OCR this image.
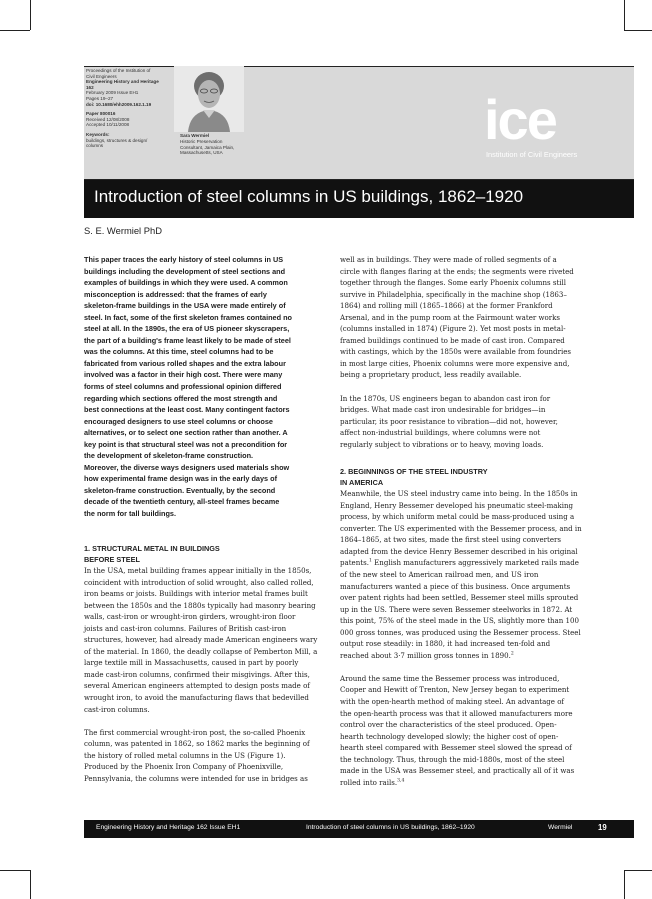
Proceedings of the Institution of
Civil Engineers
Engineering History and Heritage
162
February 2009 Issue EH1
Pages 19–27
doi: 10.1680/ehh2009.162.1.19
Paper 800016
Received 12/08/2008
Accepted 10/11/2008
Keywords:
buildings, structures & design/
columns
Sara Wermiel
Historic Preservation
Consultant, Jamaica Plain,
Massachusetts, USA
ice
Institution of Civil Engineers
Introduction of steel columns in US buildings, 1862–1920
S. E. Wermiel PhD

This paper traces the early history of steel columns in US

buildings including the development of steel sections and

examples of buildings in which they were used. A common

misconception is addressed: that the frames of early

skeleton-frame buildings in the USA were made entirely of

steel. In fact, some of the first skeleton frames contained no

steel at all. In the 1890s, the era of US pioneer skyscrapers,

the part of a building's frame least likely to be made of steel

was the columns. At this time, steel columns had to be

fabricated from various rolled shapes and the extra labour

involved was a factor in their high cost. There were many

forms of steel columns and professional opinion differed

regarding which sections offered the most strength and

best connections at the least cost. Many contingent factors

encouraged designers to use steel columns or choose

alternatives, or to select one section rather than another. A

key point is that structural steel was not a precondition for

the development of skeleton-frame construction.

Moreover, the diverse ways designers used materials show

how experimental frame design was in the early days of

skeleton-frame construction. Eventually, by the second

decade of the twentieth century, all-steel frames became

the norm for tall buildings.

1. STRUCTURAL METAL IN BUILDINGS
BEFORE STEEL

In the USA, metal building frames appear initially in the 1850s,

coincident with introduction of solid wrought, also called rolled,

iron beams or joists. Buildings with interior metal frames built

between the 1850s and the 1880s typically had masonry bearing

walls, cast-iron or wrought-iron girders, wrought-iron floor

joists and cast-iron columns. Failures of British cast-iron

structures, however, had already made American engineers wary

of the material. In 1860, the deadly collapse of Pemberton Mill, a

large textile mill in Massachusetts, caused in part by poorly

made cast-iron columns, confirmed their misgivings. After this,

several American engineers attempted to design posts made of

wrought iron, to avoid the manufacturing flaws that bedevilled

cast-iron columns.

The first commercial wrought-iron post, the so-called Phoenix

column, was patented in 1862, so 1862 marks the beginning of

the history of rolled metal columns in the US (Figure 1).

Produced by the Phoenix Iron Company of Phoenixville,

Pennsylvania, the columns were intended for use in bridges as

well as in buildings. They were made of rolled segments of a

circle with flanges flaring at the ends; the segments were riveted

together through the flanges. Some early Phoenix columns still

survive in Philadelphia, specifically in the machine shop (1863–

1864) and rolling mill (1865–1866) at the former Frankford

Arsenal, and in the pump room at the Fairmount water works

(columns installed in 1874) (Figure 2). Yet most posts in metal-

framed buildings continued to be made of cast iron. Compared

with castings, which by the 1850s were available from foundries

in most large cities, Phoenix columns were more expensive and,

being a proprietary product, less readily available.

In the 1870s, US engineers began to abandon cast iron for

bridges. What made cast iron undesirable for bridges—in

particular, its poor resistance to vibration—did not, however,

affect non-industrial buildings, where columns were not

regularly subject to vibrations or to heavy, moving loads.

2. BEGINNINGS OF THE STEEL INDUSTRY
IN AMERICA

Meanwhile, the US steel industry came into being. In the 1850s in

England, Henry Bessemer developed his pneumatic steel-making

process, by which uniform metal could be mass-produced using a

converter. The US experimented with the Bessemer process, and in

1864–1865, at two sites, made the first steel using converters

adapted from the device Henry Bessemer described in his original

patents.$^1$ English manufacturers aggressively marketed rails made

of the new steel to American railroad men, and US iron

manufacturers wanted a piece of this business. Once arguments

over patent rights had been settled, Bessemer steel mills sprouted

up in the US. There were seven Bessemer steelworks in 1872. At

this point, 75% of the steel made in the US, slightly more than 100

000 gross tonnes, was produced using the Bessemer process. Steel

output rose steadily: in 1880, it had increased ten-fold and

reached about 3·7 million gross tonnes in 1890.$^2$

Around the same time the Bessemer process was introduced,

Cooper and Hewitt of Trenton, New Jersey began to experiment

with the open-hearth method of making steel. An advantage of

the open-hearth process was that it allowed manufacturers more

control over the characteristics of the steel produced. Open-

hearth technology developed slowly; the higher cost of open-

hearth steel compared with Bessemer steel slowed the spread of

the technology. Thus, through the mid-1880s, most of the steel

made in the USA was Bessemer steel, and practically all of it was

rolled into rails.$^{3,4}$

Engineering History and Heritage 162 Issue EH1	Introduction of steel columns in US buildings, 1862–1920	Wermiel	19
